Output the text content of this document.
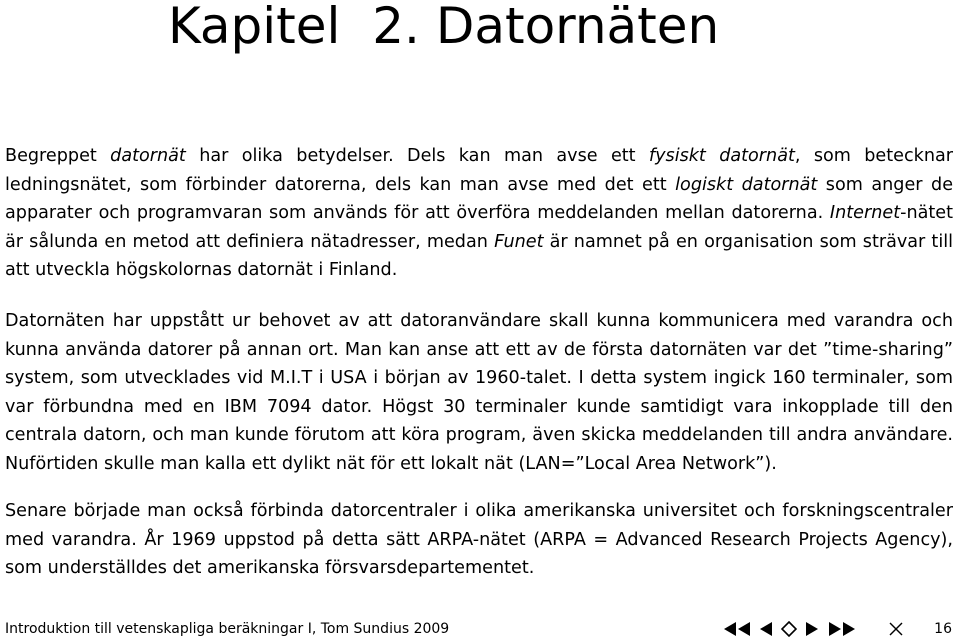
Kapitel  2. Datornäten

Begreppet datornät har olika betydelser. Dels kan man avse ett fysiskt datornät, som betecknar ledningsnätet, som förbinder datorerna, dels kan man avse med det ett logiskt datornät som anger de apparater och programvaran som används för att överföra meddelanden mellan datorerna. Internet-nätet är sålunda en metod att definiera nätadresser, medan Funet är namnet på en organisation som strävar till att utveckla högskolornas datornät i Finland.

Datornäten har uppstått ur behovet av att datoranvändare skall kunna kommunicera med varandra och kunna använda datorer på annan ort. Man kan anse att ett av de första datornäten var det ”time-sharing” system, som utvecklades vid M.I.T i USA i början av 1960-talet. I detta system ingick 160 terminaler, som var förbundna med en IBM 7094 dator. Högst 30 terminaler kunde samtidigt vara inkopplade till den centrala datorn, och man kunde förutom att köra program, även skicka meddelanden till andra användare. Nuförtiden skulle man kalla ett dylikt nät för ett lokalt nät (LAN=”Local Area Network”).

Senare började man också förbinda datorcentraler i olika amerikanska universitet och forskningscentraler med varandra. År 1969 uppstod på detta sätt ARPA-nätet (ARPA = Advanced Research Projects Agency), som underställdes det amerikanska försvarsdepartementet.

Introduktion till vetenskapliga beräkningar I, Tom Sundius 2009	16
